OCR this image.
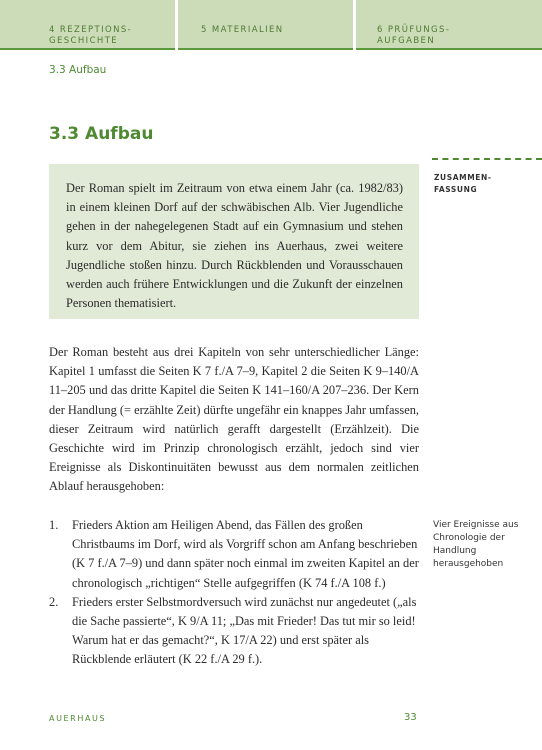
4 REZEPTIONS-
GESCHICHTE
5 MATERIALIEN	6 PRÜFUNGS-
AUFGABEN
3.3 Aufbau
3.3 Aufbau
ZUSAMMEN-
FASSUNG

Der Roman spielt im Zeitraum von etwa einem Jahr (ca. 1982/83) in einem kleinen Dorf auf der schwäbischen Alb. Vier Jugendliche gehen in der nahegelegenen Stadt auf ein Gymnasium und stehen kurz vor dem Abitur, sie ziehen ins Auerhaus, zwei weitere Jugendliche stoßen hinzu. Durch Rückblenden und Vorausschauen werden auch frühere Entwicklungen und die Zukunft der einzelnen Personen thematisiert.

Der Roman besteht aus drei Kapiteln von sehr unterschiedlicher Länge: Kapitel 1 umfasst die Seiten K 7 f./A 7–9, Kapitel 2 die Seiten K 9–140/A 11–205 und das dritte Kapitel die Seiten K 141–160/A 207–236. Der Kern der Handlung (= erzählte Zeit) dürfte ungefähr ein knappes Jahr umfassen, dieser Zeitraum wird natürlich gerafft dargestellt (Erzählzeit). Die Geschichte wird im Prinzip chronologisch erzählt, jedoch sind vier Ereignisse als Diskontinuitäten bewusst aus dem normalen zeitlichen Ablauf herausgehoben:

1. Frieders Aktion am Heiligen Abend, das Fällen des großen Christbaums im Dorf, wird als Vorgriff schon am Anfang beschrieben (K 7 f./A 7–9) und dann später noch einmal im zweiten Kapitel an der chronologisch „richtigen“ Stelle aufgegriffen (K 74 f./A 108 f.)
2. Frieders erster Selbstmordversuch wird zunächst nur angedeutet („als die Sache passierte“, K 9/A 11; „Das mit Frieder! Das tut mir so leid! Warum hat er das gemacht?“, K 17/A 22) und erst später als Rückblende erläutert (K 22 f./A 29 f.).
Vier Ereignisse aus Chronologie der Handlung herausgehoben
AUERHAUS	33
